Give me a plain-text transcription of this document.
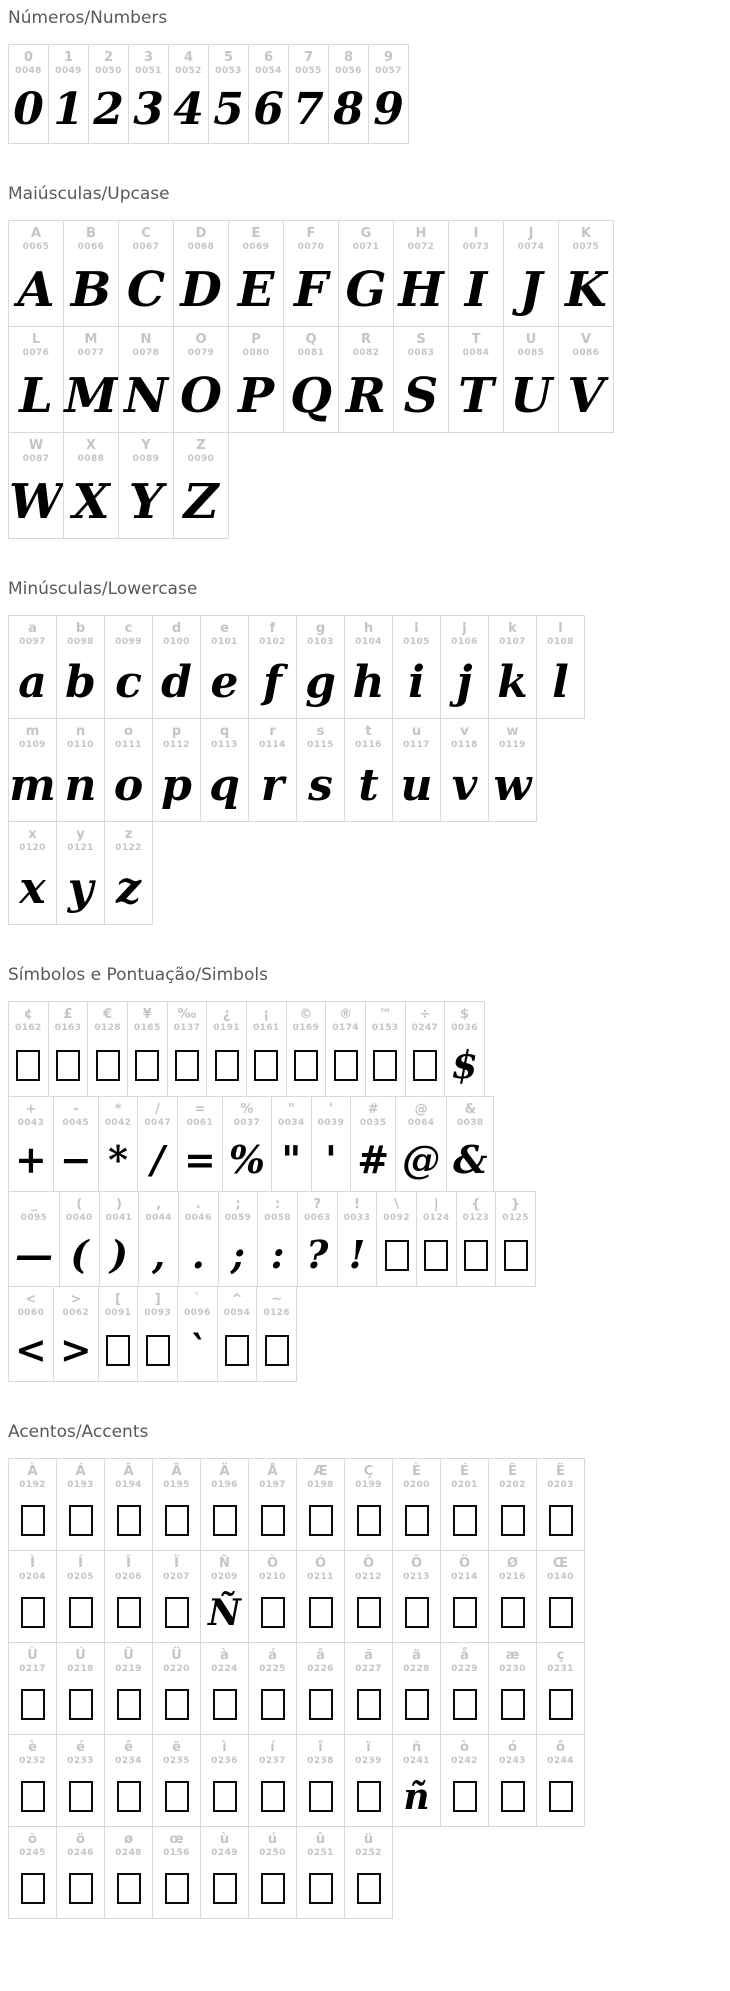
Números/Numbers
0
0048
0
1
0049
1
2
0050
2
3
0051
3
4
0052
4
5
0053
5
6
0054
6
7
0055
7
8
0056
8
9
0057
9
Maiúsculas/Upcase
A
0065
A
B
0066
B
C
0067
C
D
0068
D
E
0069
E
F
0070
F
G
0071
G
H
0072
H
I
0073
I
J
0074
J
K
0075
K
L
0076
L
M
0077
M
N
0078
N
O
0079
O
P
0080
P
Q
0081
Q
R
0082
R
S
0083
S
T
0084
T
U
0085
U
V
0086
V
W
0087
W
X
0088
X
Y
0089
Y
Z
0090
Z
Minúsculas/Lowercase
a
0097
a
b
0098
b
c
0099
c
d
0100
d
e
0101
e
f
0102
f
g
0103
g
h
0104
h
i
0105
i
j
0106
j
k
0107
k
l
0108
l
m
0109
m
n
0110
n
o
0111
o
p
0112
p
q
0113
q
r
0114
r
s
0115
s
t
0116
t
u
0117
u
v
0118
v
w
0119
w
x
0120
x
y
0121
y
z
0122
z
Símbolos e Pontuação/Simbols
¢
0162
£
0163
€
0128
¥
0165
‰
0137
¿
0191
¡
0161
©
0169
®
0174
™
0153
÷
0247
$
0036
$
+
0043
+
-
0045
−
*
0042
*
/
0047
/
=
0061
=
%
0037
%
"
0034
"
'
0039
'
#
0035
#
@
0064
@
&
0038
&
_
0095
—
(
0040
(
)
0041
)
,
0044
,
.
0046
.
;
0059
;
:
0058
:
?
0063
?
!
0033
!
\
0092
|
0124
{
0123
}
0125
<
0060
<
>
0062
>
[
0091
]
0093
`
0096
`
^
0094
~
0126
Acentos/Accents
À
0192
Á
0193
Â
0194
Ã
0195
Ä
0196
Å
0197
Æ
0198
Ç
0199
È
0200
É
0201
Ê
0202
Ë
0203
Ì
0204
Í
0205
Î
0206
Ï
0207
Ñ
0209
Ñ
Ò
0210
Ó
0211
Ô
0212
Õ
0213
Ö
0214
Ø
0216
Œ
0140
Ù
0217
Ú
0218
Û
0219
Ü
0220
à
0224
á
0225
â
0226
ã
0227
ä
0228
å
0229
æ
0230
ç
0231
è
0232
é
0233
ê
0234
ë
0235
ì
0236
í
0237
î
0238
ï
0239
ñ
0241
ñ
ò
0242
ó
0243
ô
0244
õ
0245
ö
0246
ø
0248
œ
0156
ù
0249
ú
0250
û
0251
ü
0252
